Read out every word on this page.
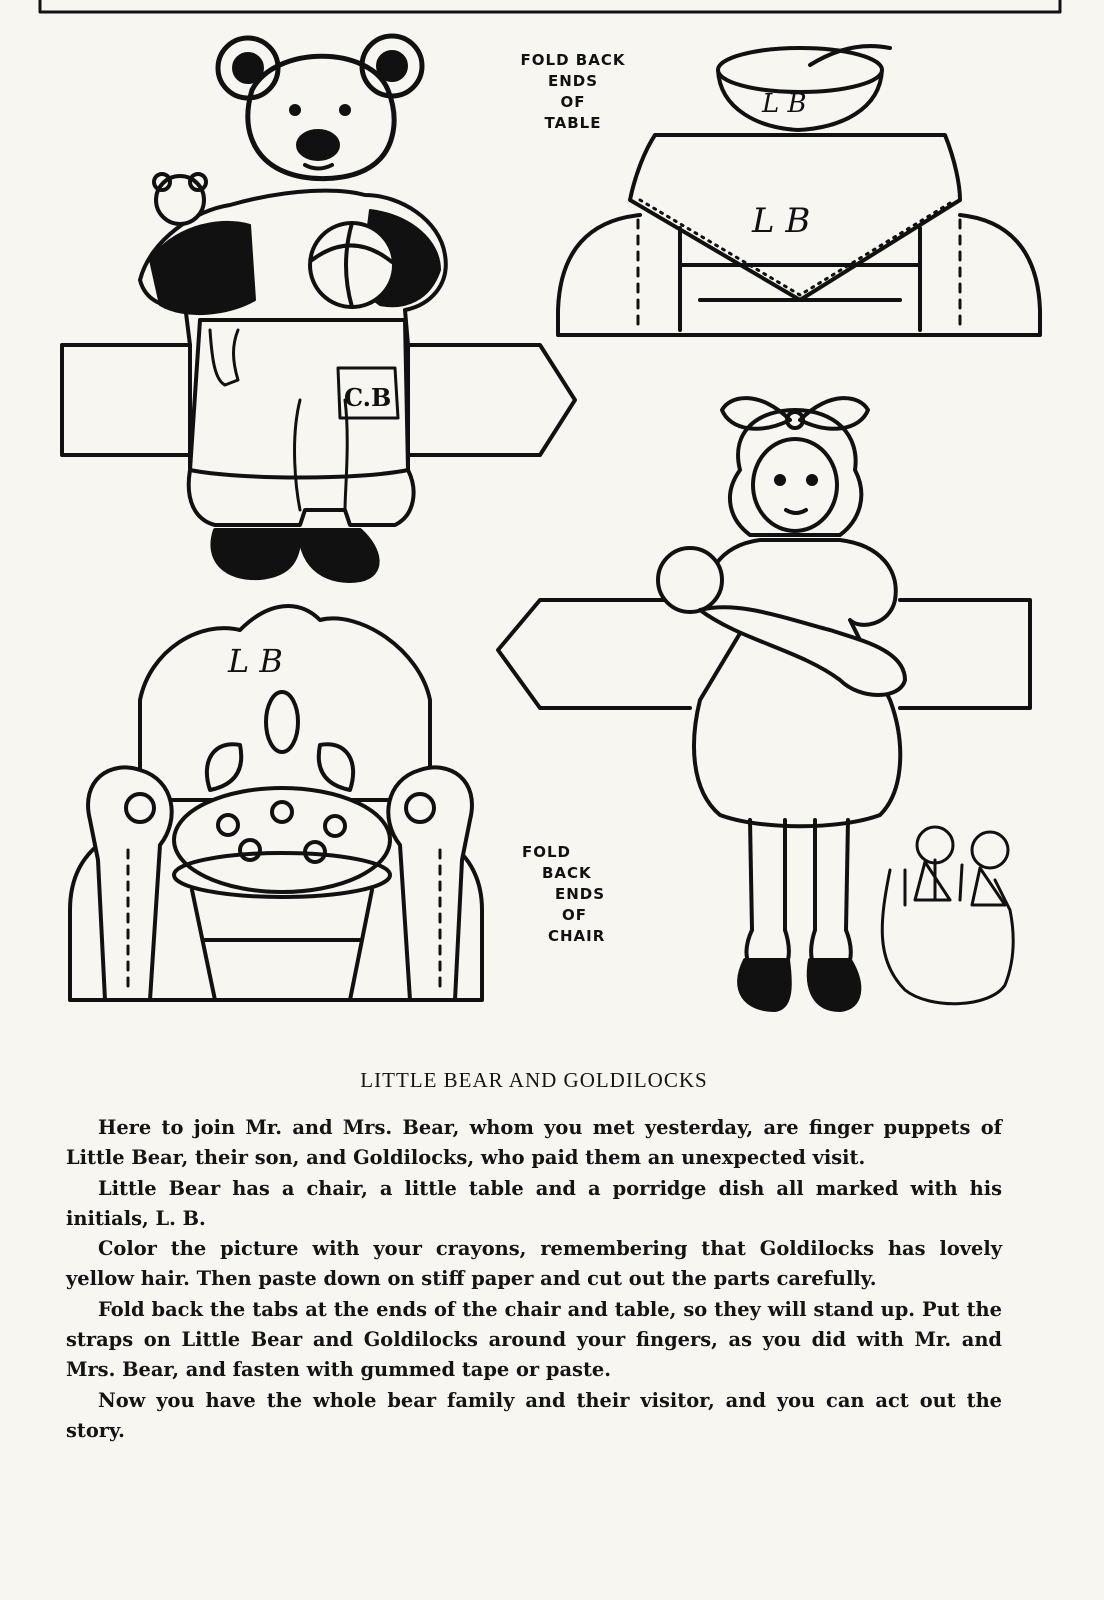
C.B
L B
L B
L B
FOLD BACK
ENDS
OF
TABLE
FOLD
BACK
ENDS
OF
CHAIR
LITTLE BEAR AND GOLDILOCKS

Here to join Mr. and Mrs. Bear, whom you met yesterday, are finger puppets of Little Bear, their son, and Goldilocks, who paid them an unexpected visit.

Little Bear has a chair, a little table and a porridge dish all marked with his initials, L. B.

Color the picture with your crayons, remembering that Goldilocks has lovely yellow hair. Then paste down on stiff paper and cut out the parts carefully.

Fold back the tabs at the ends of the chair and table, so they will stand up. Put the straps on Little Bear and Goldilocks around your fingers, as you did with Mr. and Mrs. Bear, and fasten with gummed tape or paste.

Now you have the whole bear family and their visitor, and you can act out the story.
